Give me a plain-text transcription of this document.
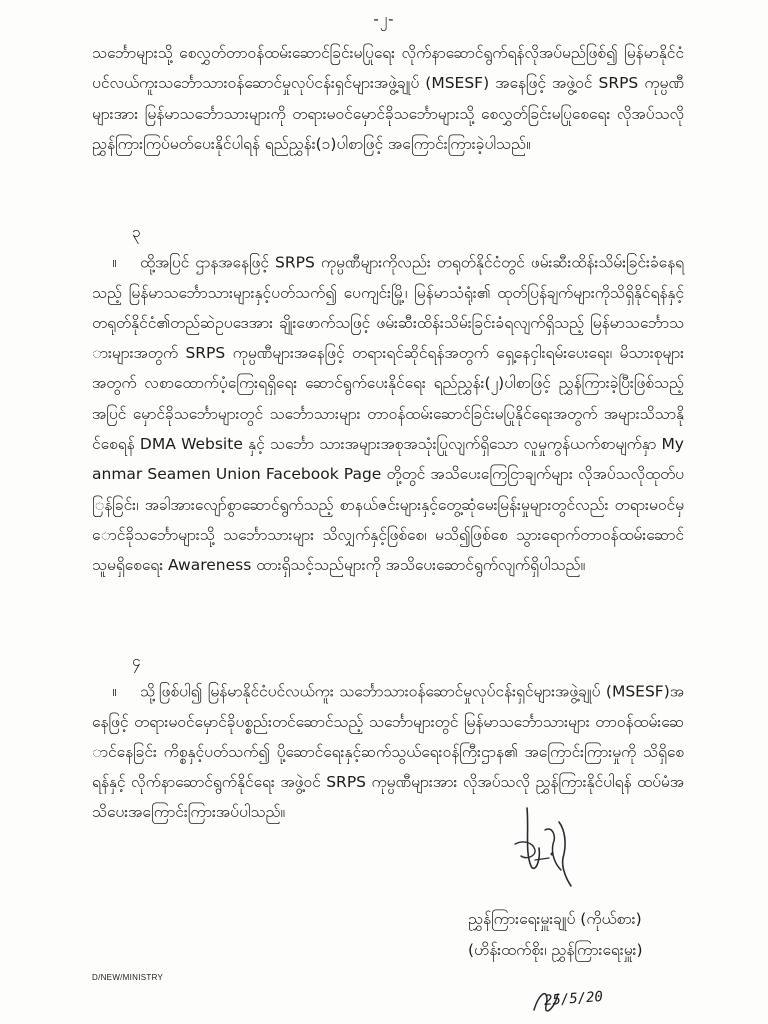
-၂-
သင်္ဘောများသို့ စေလွှတ်တာဝန်ထမ်းဆောင်ခြင်းမပြုရေး လိုက်နာဆောင်ရွက်ရန်လိုအပ်မည်ဖြစ်၍ မြန်မာနိုင်ငံပင်လယ်ကူးသင်္ဘောသားဝန်ဆောင်မှုလုပ်ငန်းရှင်များအဖွဲ့ချုပ် (MSESF) အနေဖြင့် အဖွဲ့ဝင် SRPS ကုမ္ပဏီများအား မြန်မာသင်္ဘောသားများကို တရားမဝင်မှောင်ခိုသင်္ဘောများသို့ စေလွှတ်ခြင်းမပြုစေရေး လိုအပ်သလို ညွှန်ကြားကြပ်မတ်ပေးနိုင်ပါရန် ရည်ညွှန်း(၁)ပါစာဖြင့် အကြောင်းကြားခဲ့ပါသည်။
၃။ ထို့အပြင် ဌာနအနေဖြင့် SRPS ကုမ္ပဏီများကိုလည်း တရုတ်နိုင်ငံတွင် ဖမ်းဆီးထိန်းသိမ်းခြင်းခံနေရသည့် မြန်မာသင်္ဘောသားများနှင့်ပတ်သက်၍ ပေကျင်းမြို့၊ မြန်မာသံရုံး၏ ထုတ်ပြန်ချက်များကိုသိရှိနိုင်ရန်နှင့် တရုတ်နိုင်ငံ၏တည်ဆဲဥပဒေအား ချိုးဖောက်သဖြင့် ဖမ်းဆီးထိန်းသိမ်းခြင်းခံရလျက်ရှိသည့် မြန်မာသင်္ဘောသားများအတွက် SRPS ကုမ္ပဏီများအနေဖြင့် တရားရင်ဆိုင်ရန်အတွက် ရှေ့နေငှါးရမ်းပေးရေး၊ မိသားစုများအတွက် လစာထောက်ပံ့ကြေးရရှိရေး ဆောင်ရွက်ပေးနိုင်ရေး ရည်ညွှန်း(၂)ပါစာဖြင့် ညွှန်ကြားခဲ့ပြီးဖြစ်သည့်အပြင် မှောင်ခိုသင်္ဘောများတွင် သင်္ဘောသားများ တာဝန်ထမ်းဆောင်ခြင်းမပြုနိုင်ရေးအတွက် အများသိသာနိုင်စေရန် DMA Website နှင့် သင်္ဘော သားအများအစုအသုံးပြုလျက်ရှိသော လူမှုကွန်ယက်စာမျက်နှာ Myanmar Seamen Union Facebook Page တို့တွင် အသိပေးကြေငြာချက်များ လိုအပ်သလိုထုတ်ပြန်ခြင်း၊ အခါအားလျော်စွာဆောင်ရွက်သည့် စာနယ်ဇင်းများနှင့်တွေ့ဆုံမေးမြန်းမှုများတွင်လည်း တရားမဝင်မှောင်ခိုသင်္ဘောများသို့ သင်္ဘောသားများ သိလျှက်နှင့်ဖြစ်စေ၊ မသိ၍ဖြစ်စေ သွားရောက်တာဝန်ထမ်းဆောင်သူမရှိစေရေး Awareness ထားရှိသင့်သည်များကို အသိပေးဆောင်ရွက်လျက်ရှိပါသည်။
၄။ သို့ဖြစ်ပါ၍ မြန်မာနိုင်ငံပင်လယ်ကူး သင်္ဘောသားဝန်ဆောင်မှုလုပ်ငန်းရှင်များအဖွဲ့ချုပ် (MSESF)အနေဖြင့် တရားမဝင်မှောင်ခိုပစ္စည်းတင်ဆောင်သည့် သင်္ဘောများတွင် မြန်မာသင်္ဘောသားများ တာဝန်ထမ်းဆောင်နေခြင်း ကိစ္စနှင့်ပတ်သက်၍ ပို့ဆောင်ရေးနှင့်ဆက်သွယ်ရေးဝန်ကြီးဌာန၏ အကြောင်းကြားမှုကို သိရှိစေရန်နှင့် လိုက်နာဆောင်ရွက်နိုင်ရေး အဖွဲ့ဝင် SRPS ကုမ္ပဏီများအား လိုအပ်သလို ညွှန်ကြားနိုင်ပါရန် ထပ်မံအသိပေးအကြောင်းကြားအပ်ပါသည်။
ညွှန်ကြားရေးမှူးချုပ် (ကိုယ်စား)
(ဟိန်းထက်စိုး၊ ညွှန်ကြားရေးမှူး)
D/NEW/MINISTRY
25/5/20
